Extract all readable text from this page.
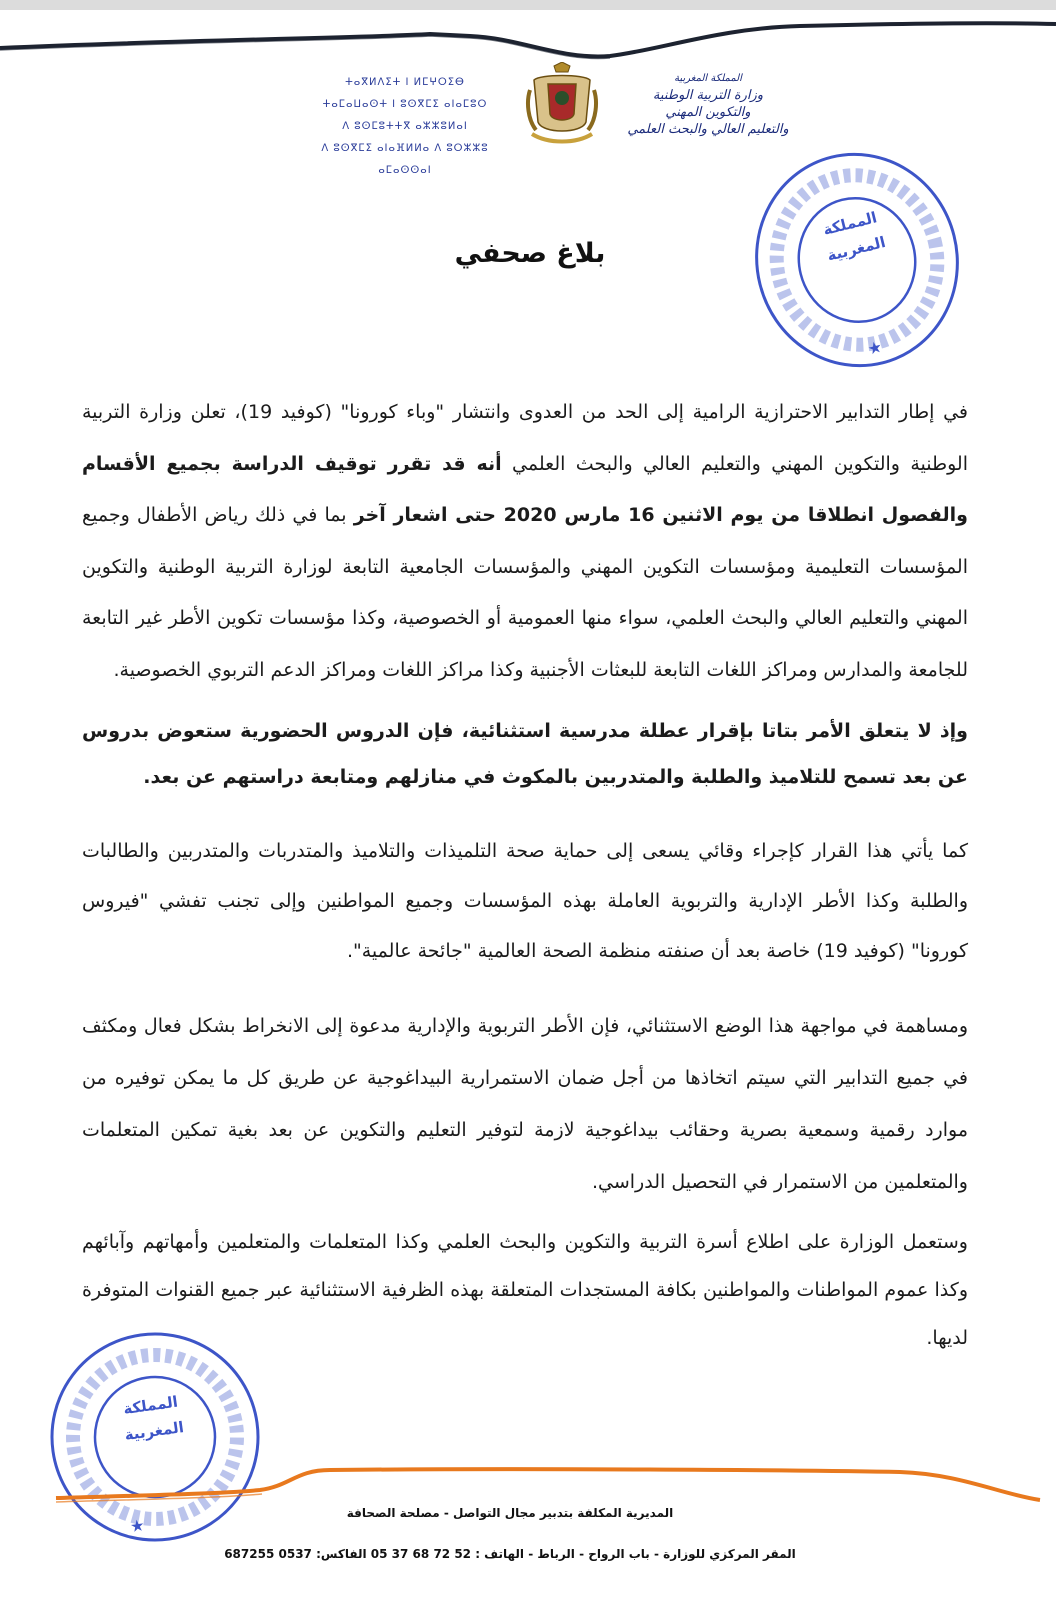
ⵜⴰⴳⵍⴷⵉⵜ ⵏ ⵍⵎⵖⵔⵉⴱ
ⵜⴰⵎⴰⵡⴰⵙⵜ ⵏ ⵓⵙⴳⵎⵉ ⴰⵏⴰⵎⵓⵔ
ⴷ ⵓⵙⵎⵓⵜⵜⴳ ⴰⵣⵣⵓⵍⴰⵏ
ⴷ ⵓⵙⴳⵎⵉ ⴰⵏⴰⴼⵍⵍⴰ ⴷ ⵓⵔⵣⵣⵓ ⴰⵎⴰⵙⵙⴰⵏ
المملكة المغربية
وزارة التربية الوطنية
والتكوين المهني
والتعليم العالي والبحث العلمي
★
المملكة
المغربية
بلاغ صحفي
في إطار التدابير الاحترازية الرامية إلى الحد من العدوى وانتشار "وباء كورونا" (كوفيد 19)، تعلن وزارة التربية الوطنية والتكوين المهني والتعليم العالي والبحث العلمي أنه قد تقرر توقيف الدراسة بجميع الأقسام والفصول انطلاقا من يوم الاثنين 16 مارس 2020 حتى اشعار آخر بما في ذلك رياض الأطفال وجميع المؤسسات التعليمية ومؤسسات التكوين المهني والمؤسسات الجامعية التابعة لوزارة التربية الوطنية والتكوين المهني والتعليم العالي والبحث العلمي، سواء منها العمومية أو الخصوصية، وكذا مؤسسات تكوين الأطر غير التابعة للجامعة والمدارس ومراكز اللغات التابعة للبعثات الأجنبية وكذا مراكز اللغات ومراكز الدعم التربوي الخصوصية.
وإذ لا يتعلق الأمر بتاتا بإقرار عطلة مدرسية استثنائية، فإن الدروس الحضورية ستعوض بدروس عن بعد تسمح للتلاميذ والطلبة والمتدربين بالمكوث في منازلهم ومتابعة دراستهم عن بعد.
كما يأتي هذا القرار كإجراء وقائي يسعى إلى حماية صحة التلميذات والتلاميذ والمتدربات والمتدربين والطالبات والطلبة وكذا الأطر الإدارية والتربوية العاملة بهذه المؤسسات وجميع المواطنين وإلى تجنب تفشي "فيروس كورونا" (كوفيد 19) خاصة بعد أن صنفته منظمة الصحة العالمية "جائحة عالمية".
ومساهمة في مواجهة هذا الوضع الاستثنائي، فإن الأطر التربوية والإدارية مدعوة إلى الانخراط بشكل فعال ومكثف في جميع التدابير التي سيتم اتخاذها من أجل ضمان الاستمرارية البيداغوجية عن طريق كل ما يمكن توفيره من موارد رقمية وسمعية بصرية وحقائب بيداغوجية لازمة لتوفير التعليم والتكوين عن بعد بغية تمكين المتعلمات والمتعلمين من الاستمرار في التحصيل الدراسي.
وستعمل الوزارة على اطلاع أسرة التربية والتكوين والبحث العلمي وكذا المتعلمات والمتعلمين وأمهاتهم وآبائهم وكذا عموم المواطنات والمواطنين بكافة المستجدات المتعلقة بهذه الظرفية الاستثنائية عبر جميع القنوات المتوفرة لديها.
★
المملكة
المغربية
المديرية المكلفة بتدبير مجال التواصل - مصلحة الصحافة
المقر المركزي للوزارة - باب الرواح - الرباط - الهاتف : 52 72 68 37 05 الفاكس: 0537 687255
